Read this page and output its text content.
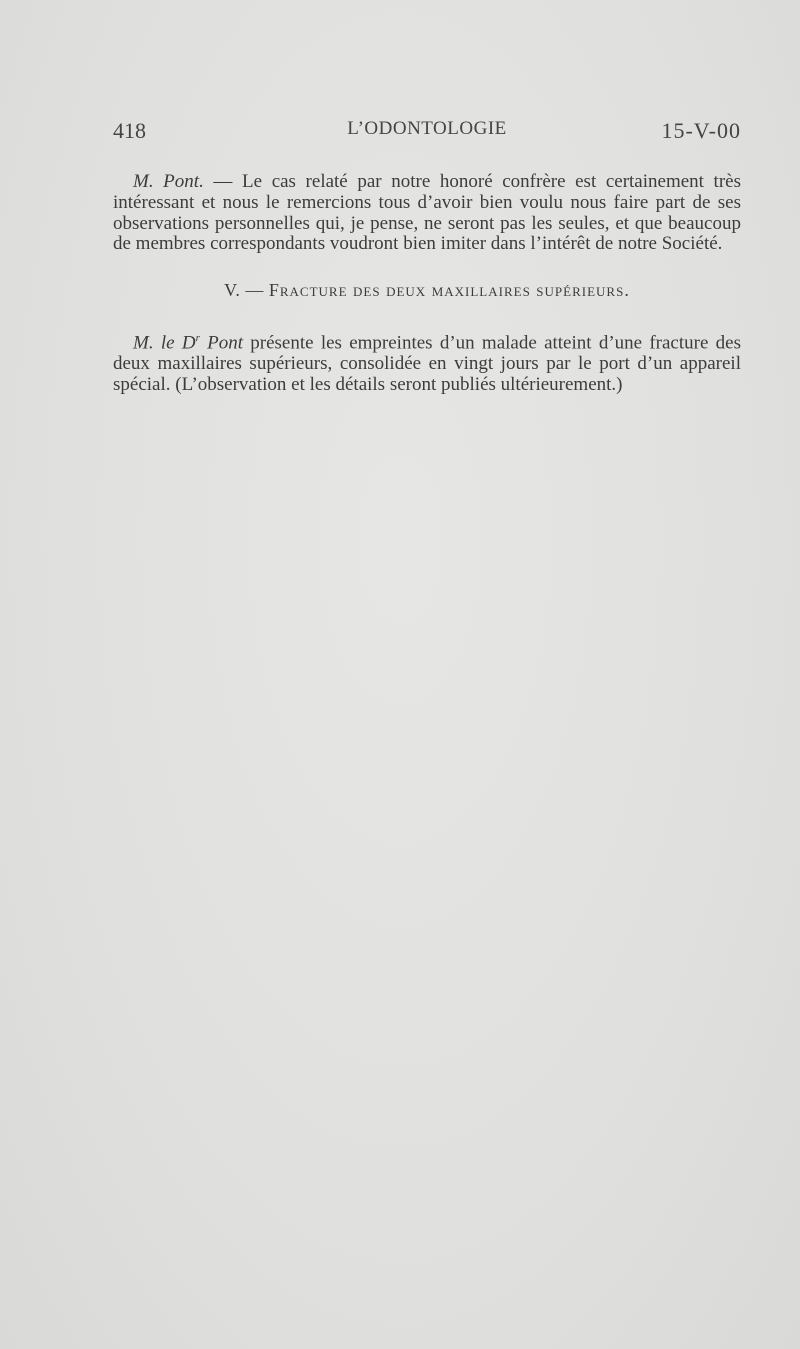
418	L’ODONTOLOGIE	15-V-00

M. Pont. — Le cas relaté par notre honoré confrère est certainement très intéressant et nous le remercions tous d’avoir bien voulu nous faire part de ses observations personnelles qui, je pense, ne seront pas les seules, et que beaucoup de membres correspondants voudront bien imiter dans l’intérêt de notre Société.

V. — Fracture des deux maxillaires supérieurs.

M. le $D^r$ Pont présente les empreintes d’un malade atteint d’une fracture des deux maxillaires supérieurs, consolidée en vingt jours par le port d’un appareil spécial. (L’observation et les détails seront publiés ultérieurement.)
